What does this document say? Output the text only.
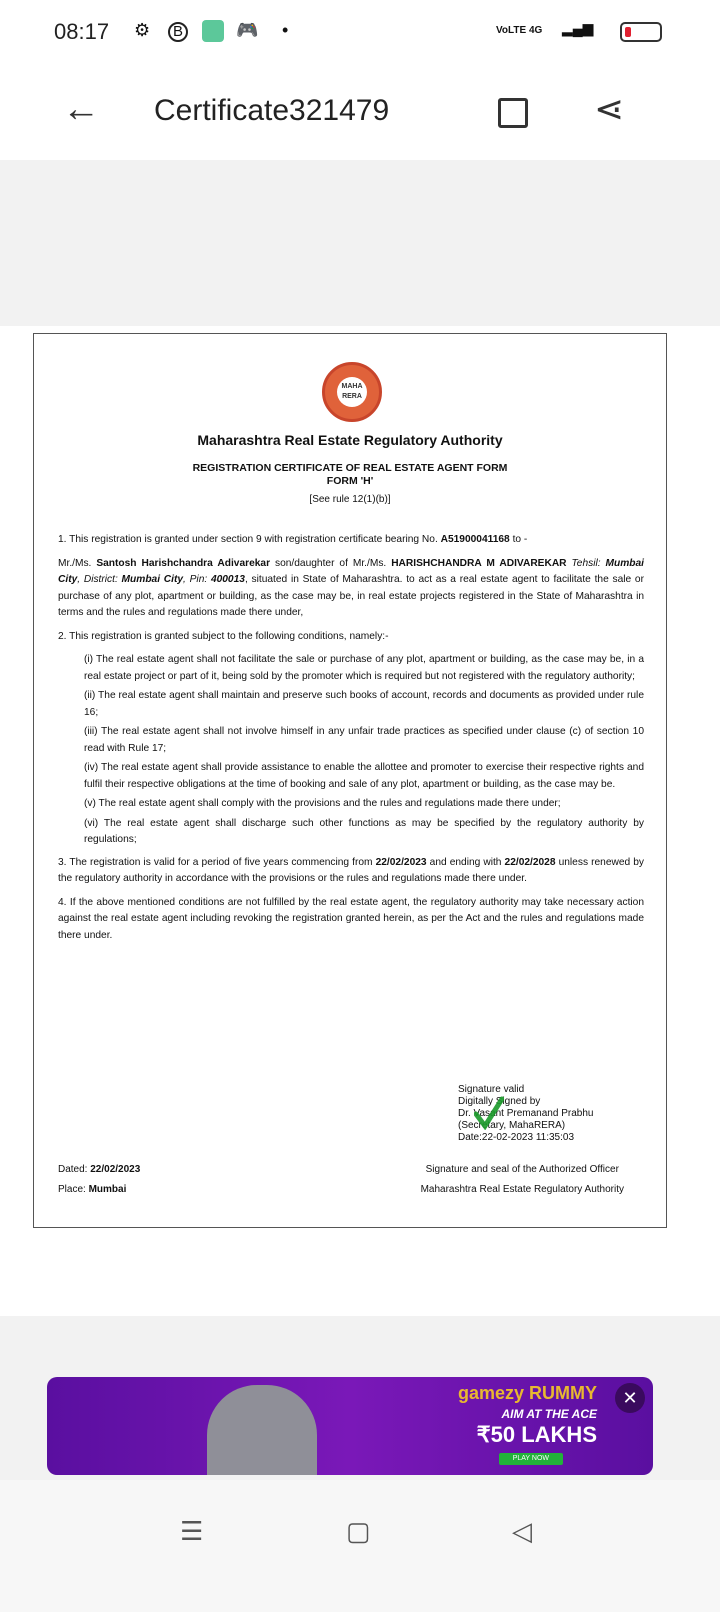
08:17 ⚙	B	🎮 •	VoLTE 4G ▂▄▆
← Certificate321479	⋖
MAHA RERA
Maharashtra Real Estate Regulatory Authority
REGISTRATION CERTIFICATE OF REAL ESTATE AGENT FORM
FORM 'H'
[See rule 12(1)(b)]

1. This registration is granted under section 9 with registration certificate bearing No. A51900041168 to -

Mr./Ms. Santosh Harishchandra Adivarekar son/daughter of Mr./Ms. HARISHCHANDRA M ADIVAREKAR Tehsil: Mumbai City, District: Mumbai City, Pin: 400013, situated in State of Maharashtra. to act as a real estate agent to facilitate the sale or purchase of any plot, apartment or building, as the case may be, in real estate projects registered in the State of Maharashtra in terms and the rules and regulations made there under,

2. This registration is granted subject to the following conditions, namely:-

(i) The real estate agent shall not facilitate the sale or purchase of any plot, apartment or building, as the case may be, in a real estate project or part of it, being sold by the promoter which is required but not registered with the regulatory authority;

(ii) The real estate agent shall maintain and preserve such books of account, records and documents as provided under rule 16;

(iii) The real estate agent shall not involve himself in any unfair trade practices as specified under clause (c) of section 10 read with Rule 17;

(iv) The real estate agent shall provide assistance to enable the allottee and promoter to exercise their respective rights and fulfil their respective obligations at the time of booking and sale of any plot, apartment or building, as the case may be.

(v) The real estate agent shall comply with the provisions and the rules and regulations made there under;

(vi) The real estate agent shall discharge such other functions as may be specified by the regulatory authority by regulations;

3. The registration is valid for a period of five years commencing from 22/02/2023 and ending with 22/02/2028 unless renewed by the regulatory authority in accordance with the provisions or the rules and regulations made there under.

4. If the above mentioned conditions are not fulfilled by the real estate agent, the regulatory authority may take necessary action against the real estate agent including revoking the registration granted herein, as per the Act and the rules and regulations made there under.

Signature valid
Digitally Signed by
Dr. Vasant Premanand Prabhu
(Secretary, MahaRERA)
Date:22-02-2023 11:35:03
Dated: 22/02/2023
Place: Mumbai
Signature and seal of the Authorized Officer
Maharashtra Real Estate Regulatory Authority
gamezy RUMMY
AIM AT THE ACE
₹50 LAKHS
PLAY NOW
✕
☰	▢	◁
